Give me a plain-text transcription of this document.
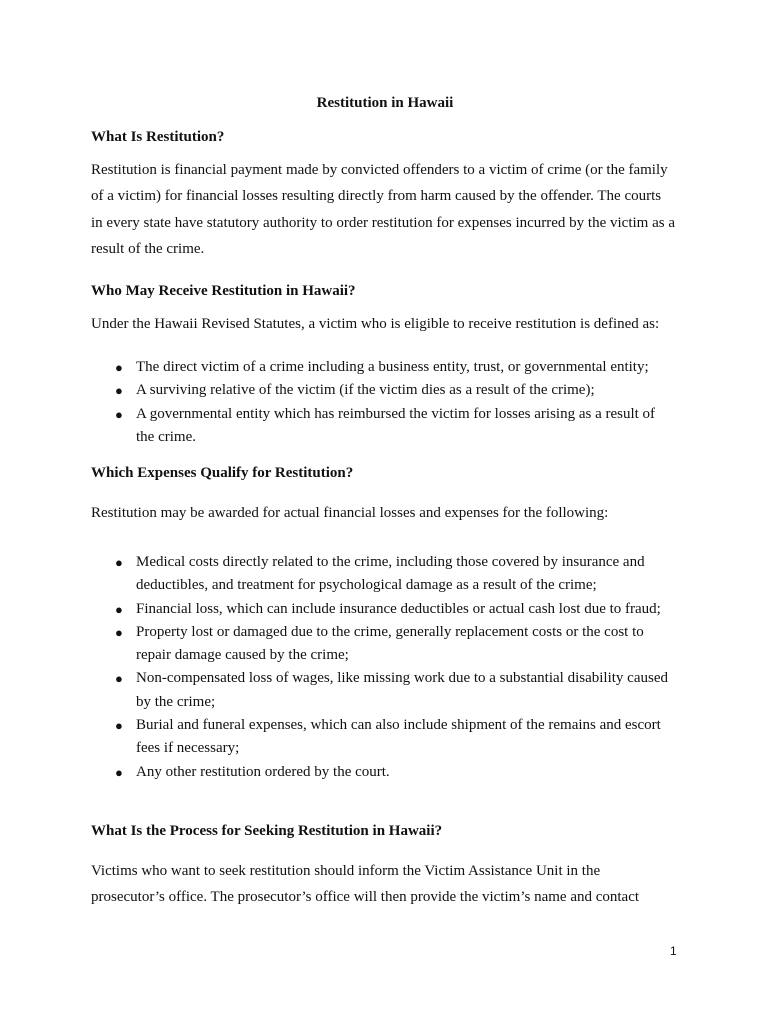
Restitution in Hawaii
What Is Restitution?
Restitution is financial payment made by convicted offenders to a victim of crime (or the family
of a victim) for financial losses resulting directly from harm caused by the offender. The courts
in every state have statutory authority to order restitution for expenses incurred by the victim as a
result of the crime.
Who May Receive Restitution in Hawaii?
Under the Hawaii Revised Statutes, a victim who is eligible to receive restitution is defined as:
● The direct victim of a crime including a business entity, trust, or governmental entity;
● A surviving relative of the victim (if the victim dies as a result of the crime);
● A governmental entity which has reimbursed the victim for losses arising as a result of
the crime.
Which Expenses Qualify for Restitution?
Restitution may be awarded for actual financial losses and expenses for the following:
● Medical costs directly related to the crime, including those covered by insurance and
deductibles, and treatment for psychological damage as a result of the crime;
● Financial loss, which can include insurance deductibles or actual cash lost due to fraud;
● Property lost or damaged due to the crime, generally replacement costs or the cost to
repair damage caused by the crime;
● Non-compensated loss of wages, like missing work due to a substantial disability caused
by the crime;
● Burial and funeral expenses, which can also include shipment of the remains and escort
fees if necessary;
● Any other restitution ordered by the court.
What Is the Process for Seeking Restitution in Hawaii?
Victims who want to seek restitution should inform the Victim Assistance Unit in the
prosecutor’s office. The prosecutor’s office will then provide the victim’s name and contact
1
